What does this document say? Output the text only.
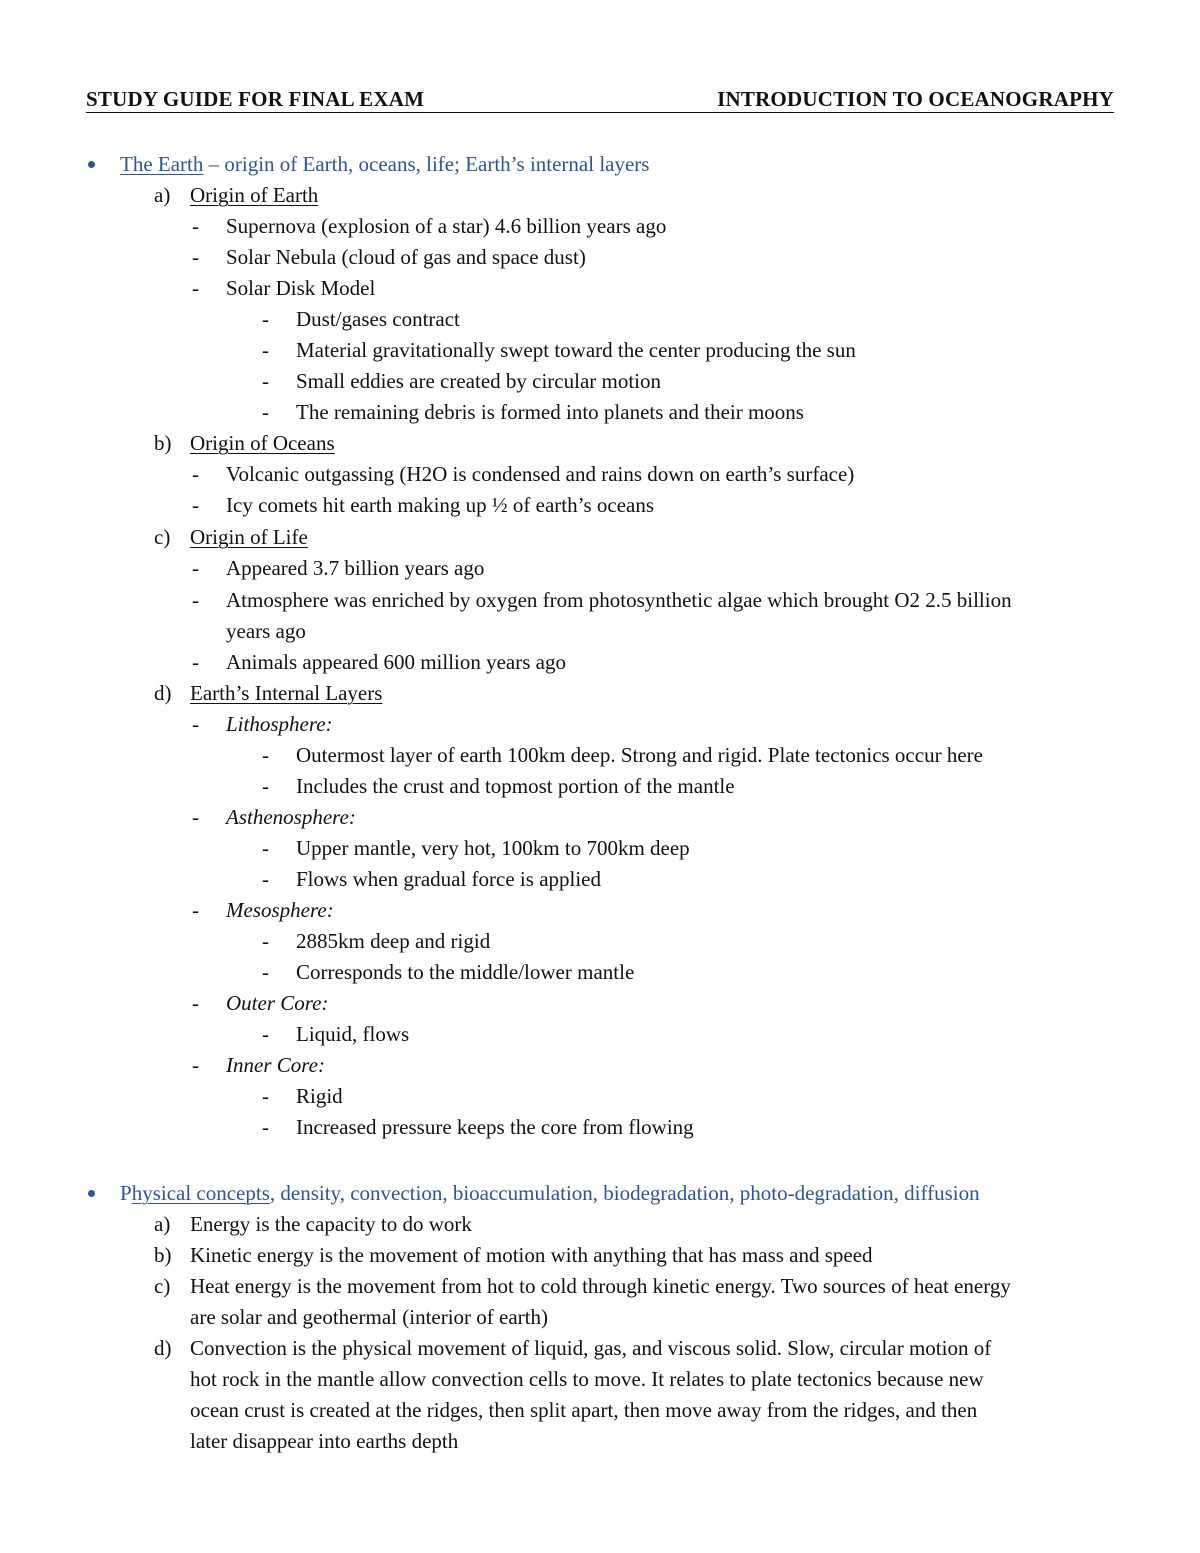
STUDY GUIDE FOR FINAL EXAM	INTRODUCTION TO OCEANOGRAPHY
The Earth – origin of Earth, oceans, life; Earth’s internal layers
a) Origin of Earth
- Supernova (explosion of a star) 4.6 billion years ago
- Solar Nebula (cloud of gas and space dust)
- Solar Disk Model
- Dust/gases contract
- Material gravitationally swept toward the center producing the sun
- Small eddies are created by circular motion
- The remaining debris is formed into planets and their moons
b) Origin of Oceans
- Volcanic outgassing (H2O is condensed and rains down on earth’s surface)
- Icy comets hit earth making up ½ of earth’s oceans
c) Origin of Life
- Appeared 3.7 billion years ago
- Atmosphere was enriched by oxygen from photosynthetic algae which brought O2 2.5 billion
years ago
- Animals appeared 600 million years ago
d) Earth’s Internal Layers
- Lithosphere:
- Outermost layer of earth 100km deep. Strong and rigid. Plate tectonics occur here
- Includes the crust and topmost portion of the mantle
- Asthenosphere:
- Upper mantle, very hot, 100km to 700km deep
- Flows when gradual force is applied
- Mesosphere:
- 2885km deep and rigid
- Corresponds to the middle/lower mantle
- Outer Core:
- Liquid, flows
- Inner Core:
- Rigid
- Increased pressure keeps the core from flowing
Physical concepts, density, convection, bioaccumulation, biodegradation, photo-degradation, diffusion
a) Energy is the capacity to do work
b) Kinetic energy is the movement of motion with anything that has mass and speed
c) Heat energy is the movement from hot to cold through kinetic energy. Two sources of heat energy
are solar and geothermal (interior of earth)
d) Convection is the physical movement of liquid, gas, and viscous solid. Slow, circular motion of
hot rock in the mantle allow convection cells to move. It relates to plate tectonics because new
ocean crust is created at the ridges, then split apart, then move away from the ridges, and then
later disappear into earths depth
